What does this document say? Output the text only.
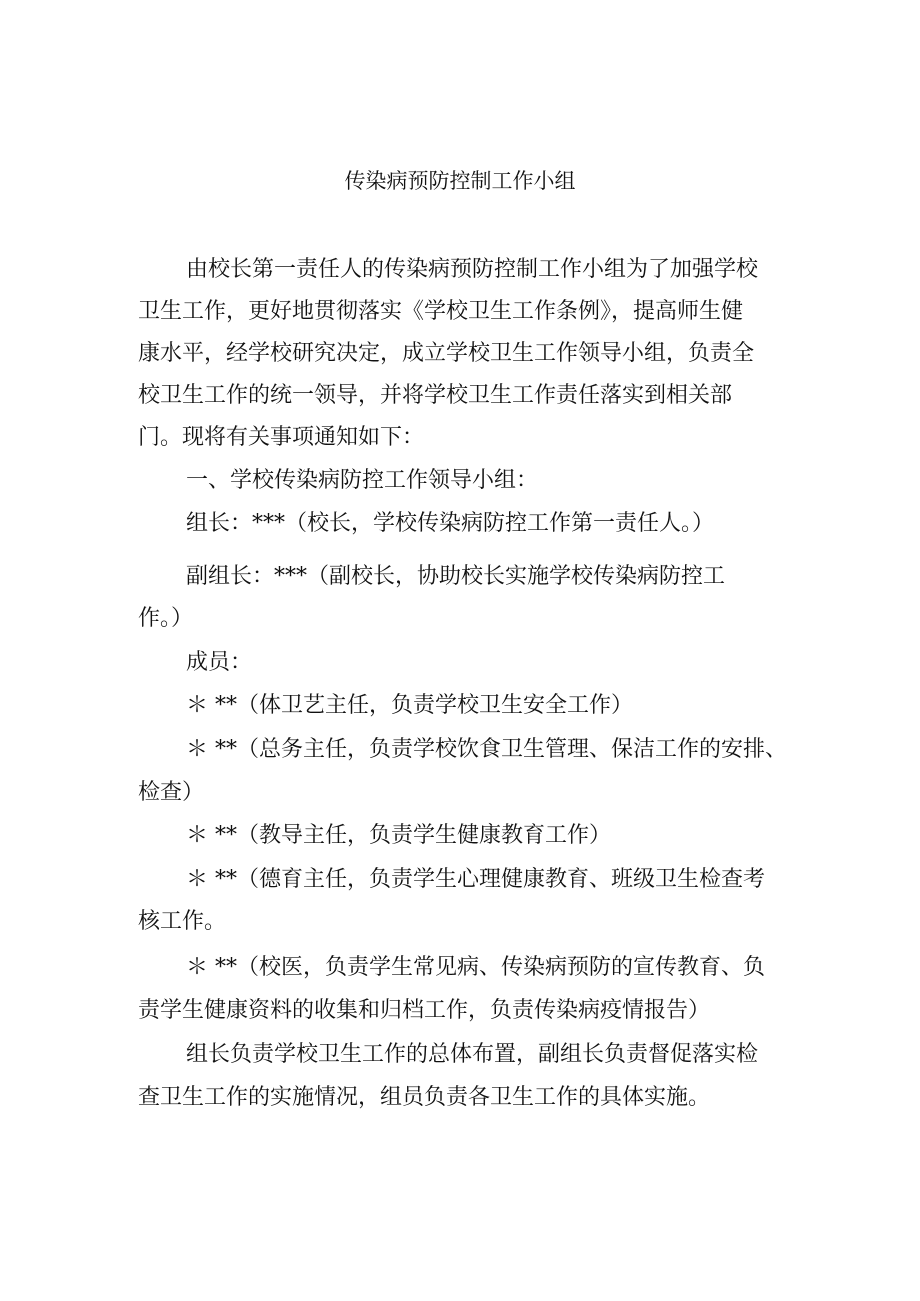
传染病预防控制工作小组
由校长第一责任人的传染病预防控制工作小组为了加强学校
卫生工作，更好地贯彻落实《学校卫生工作条例》，提高师生健
康水平，经学校研究决定，成立学校卫生工作领导小组，负责全
校卫生工作的统一领导，并将学校卫生工作责任落实到相关部
门。现将有关事项通知如下：
一、学校传染病防控工作领导小组：
组长：***（校长，学校传染病防控工作第一责任人。）
副组长：***（副校长，协助校长实施学校传染病防控工
作。）
成员：
＊ **（体卫艺主任，负责学校卫生安全工作）
＊ **（总务主任，负责学校饮食卫生管理、保洁工作的安排、
检查）
＊ **（教导主任，负责学生健康教育工作）
＊ **（德育主任，负责学生心理健康教育、班级卫生检查考
核工作。
＊ **（校医，负责学生常见病、传染病预防的宣传教育、负
责学生健康资料的收集和归档工作，负责传染病疫情报告）
组长负责学校卫生工作的总体布置，副组长负责督促落实检
查卫生工作的实施情况，组员负责各卫生工作的具体实施。
